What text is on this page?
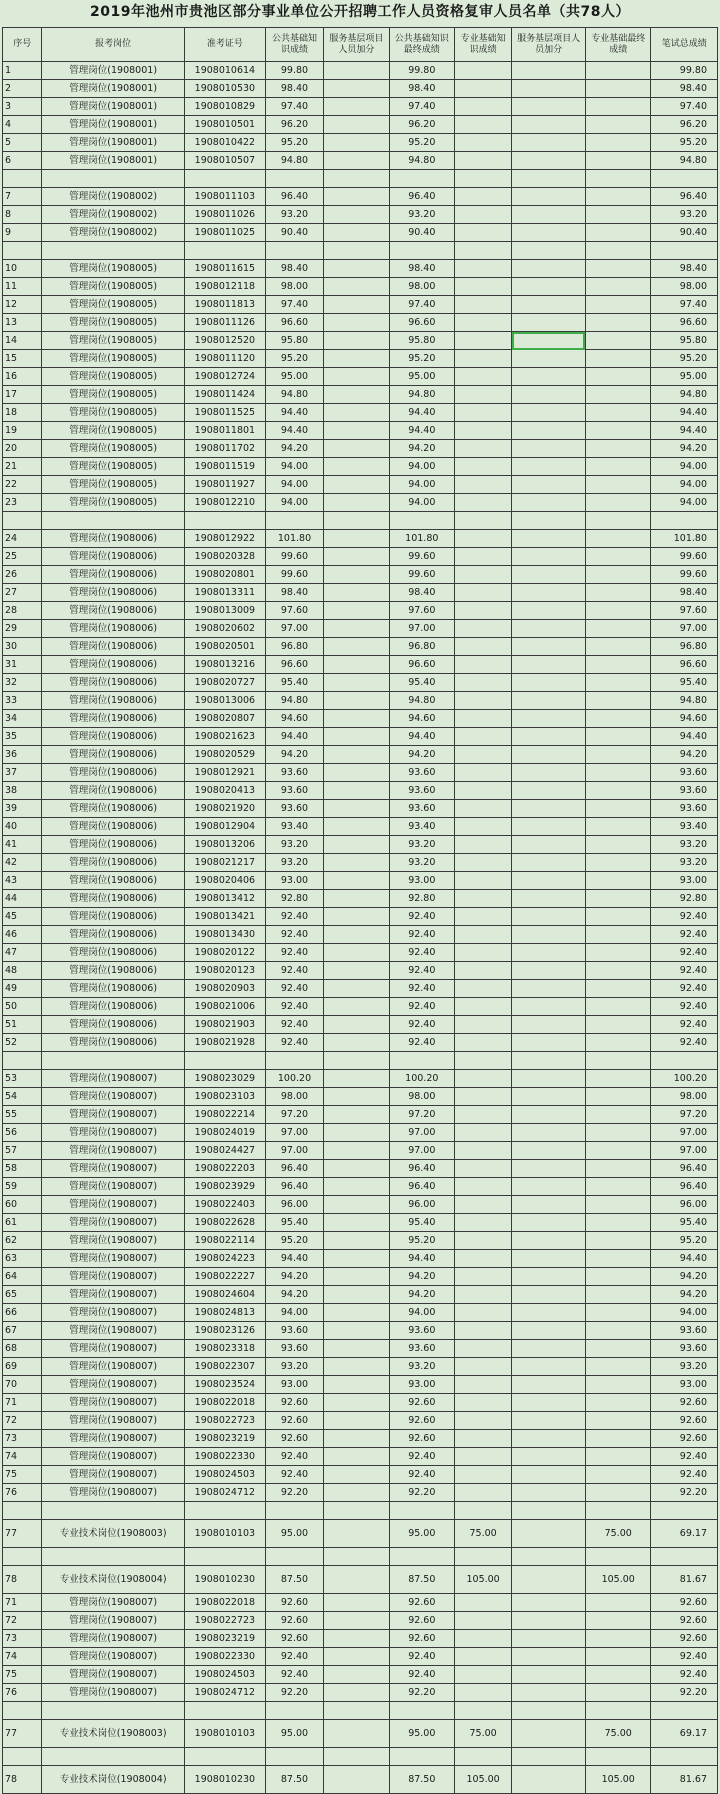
2019年池州市贵池区部分事业单位公开招聘工作人员资格复审人员名单（共78人）
序号	报考岗位	准考证号	公共基础知识成绩	服务基层项目人员加分	公共基础知识最终成绩	专业基础知识成绩	服务基层项目人员加分	专业基础最终成绩	笔试总成绩
1	管理岗位(1908001)	1908010614	99.80		99.80				99.80
2	管理岗位(1908001)	1908010530	98.40		98.40				98.40
3	管理岗位(1908001)	1908010829	97.40		97.40				97.40
4	管理岗位(1908001)	1908010501	96.20		96.20				96.20
5	管理岗位(1908001)	1908010422	95.20		95.20				95.20
6	管理岗位(1908001)	1908010507	94.80		94.80				94.80

7	管理岗位(1908002)	1908011103	96.40		96.40				96.40
8	管理岗位(1908002)	1908011026	93.20		93.20				93.20
9	管理岗位(1908002)	1908011025	90.40		90.40				90.40

10	管理岗位(1908005)	1908011615	98.40		98.40				98.40
11	管理岗位(1908005)	1908012118	98.00		98.00				98.00
12	管理岗位(1908005)	1908011813	97.40		97.40				97.40
13	管理岗位(1908005)	1908011126	96.60		96.60				96.60
14	管理岗位(1908005)	1908012520	95.80		95.80				95.80
15	管理岗位(1908005)	1908011120	95.20		95.20				95.20
16	管理岗位(1908005)	1908012724	95.00		95.00				95.00
17	管理岗位(1908005)	1908011424	94.80		94.80				94.80
18	管理岗位(1908005)	1908011525	94.40		94.40				94.40
19	管理岗位(1908005)	1908011801	94.40		94.40				94.40
20	管理岗位(1908005)	1908011702	94.20		94.20				94.20
21	管理岗位(1908005)	1908011519	94.00		94.00				94.00
22	管理岗位(1908005)	1908011927	94.00		94.00				94.00
23	管理岗位(1908005)	1908012210	94.00		94.00				94.00

24	管理岗位(1908006)	1908012922	101.80		101.80				101.80
25	管理岗位(1908006)	1908020328	99.60		99.60				99.60
26	管理岗位(1908006)	1908020801	99.60		99.60				99.60
27	管理岗位(1908006)	1908013311	98.40		98.40				98.40
28	管理岗位(1908006)	1908013009	97.60		97.60				97.60
29	管理岗位(1908006)	1908020602	97.00		97.00				97.00
30	管理岗位(1908006)	1908020501	96.80		96.80				96.80
31	管理岗位(1908006)	1908013216	96.60		96.60				96.60
32	管理岗位(1908006)	1908020727	95.40		95.40				95.40
33	管理岗位(1908006)	1908013006	94.80		94.80				94.80
34	管理岗位(1908006)	1908020807	94.60		94.60				94.60
35	管理岗位(1908006)	1908021623	94.40		94.40				94.40
36	管理岗位(1908006)	1908020529	94.20		94.20				94.20
37	管理岗位(1908006)	1908012921	93.60		93.60				93.60
38	管理岗位(1908006)	1908020413	93.60		93.60				93.60
39	管理岗位(1908006)	1908021920	93.60		93.60				93.60
40	管理岗位(1908006)	1908012904	93.40		93.40				93.40
41	管理岗位(1908006)	1908013206	93.20		93.20				93.20
42	管理岗位(1908006)	1908021217	93.20		93.20				93.20
43	管理岗位(1908006)	1908020406	93.00		93.00				93.00
44	管理岗位(1908006)	1908013412	92.80		92.80				92.80
45	管理岗位(1908006)	1908013421	92.40		92.40				92.40
46	管理岗位(1908006)	1908013430	92.40		92.40				92.40
47	管理岗位(1908006)	1908020122	92.40		92.40				92.40
48	管理岗位(1908006)	1908020123	92.40		92.40				92.40
49	管理岗位(1908006)	1908020903	92.40		92.40				92.40
50	管理岗位(1908006)	1908021006	92.40		92.40				92.40
51	管理岗位(1908006)	1908021903	92.40		92.40				92.40
52	管理岗位(1908006)	1908021928	92.40		92.40				92.40

53	管理岗位(1908007)	1908023029	100.20		100.20				100.20
54	管理岗位(1908007)	1908023103	98.00		98.00				98.00
55	管理岗位(1908007)	1908022214	97.20		97.20				97.20
56	管理岗位(1908007)	1908024019	97.00		97.00				97.00
57	管理岗位(1908007)	1908024427	97.00		97.00				97.00
58	管理岗位(1908007)	1908022203	96.40		96.40				96.40
59	管理岗位(1908007)	1908023929	96.40		96.40				96.40
60	管理岗位(1908007)	1908022403	96.00		96.00				96.00
61	管理岗位(1908007)	1908022628	95.40		95.40				95.40
62	管理岗位(1908007)	1908022114	95.20		95.20				95.20
63	管理岗位(1908007)	1908024223	94.40		94.40				94.40
64	管理岗位(1908007)	1908022227	94.20		94.20				94.20
65	管理岗位(1908007)	1908024604	94.20		94.20				94.20
66	管理岗位(1908007)	1908024813	94.00		94.00				94.00
67	管理岗位(1908007)	1908023126	93.60		93.60				93.60
68	管理岗位(1908007)	1908023318	93.60		93.60				93.60
69	管理岗位(1908007)	1908022307	93.20		93.20				93.20
70	管理岗位(1908007)	1908023524	93.00		93.00				93.00
71	管理岗位(1908007)	1908022018	92.60		92.60				92.60
72	管理岗位(1908007)	1908022723	92.60		92.60				92.60
73	管理岗位(1908007)	1908023219	92.60		92.60				92.60
74	管理岗位(1908007)	1908022330	92.40		92.40				92.40
75	管理岗位(1908007)	1908024503	92.40		92.40				92.40
76	管理岗位(1908007)	1908024712	92.20		92.20				92.20

77	专业技术岗位(1908003)	1908010103	95.00		95.00	75.00		75.00	69.17

78	专业技术岗位(1908004)	1908010230	87.50		87.50	105.00		105.00	81.67
71	管理岗位(1908007)	1908022018	92.60		92.60				92.60
72	管理岗位(1908007)	1908022723	92.60		92.60				92.60
73	管理岗位(1908007)	1908023219	92.60		92.60				92.60
74	管理岗位(1908007)	1908022330	92.40		92.40				92.40
75	管理岗位(1908007)	1908024503	92.40		92.40				92.40
76	管理岗位(1908007)	1908024712	92.20		92.20				92.20

77	专业技术岗位(1908003)	1908010103	95.00		95.00	75.00		75.00	69.17

78	专业技术岗位(1908004)	1908010230	87.50		87.50	105.00		105.00	81.67
